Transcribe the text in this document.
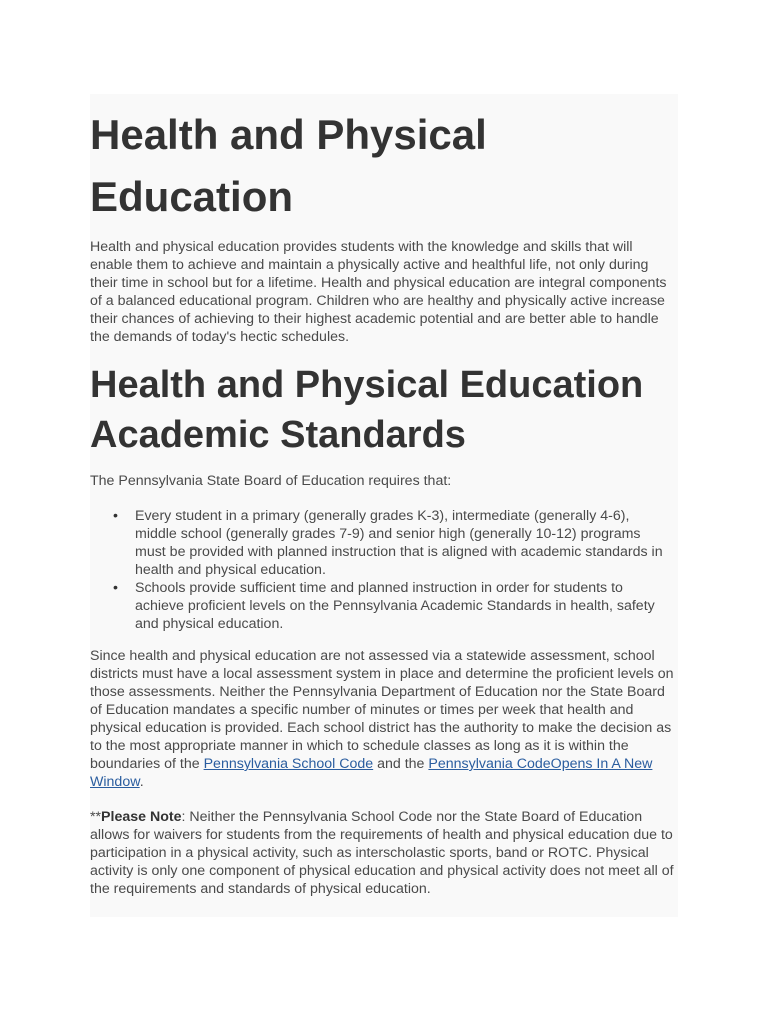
Health and Physical Education

Health and physical education provides students with the knowledge and skills that will enable them to achieve and maintain a physically active and healthful life, not only during their time in school but for a lifetime. Health and physical education are integral components of a balanced educational program. Children who are healthy and physically active increase their chances of achieving to their highest academic potential and are better able to handle the demands of today's hectic schedules.

Health and Physical Education Academic Standards

The Pennsylvania State Board of Education requires that:

• Every student in a primary (generally grades K-3), intermediate (generally 4-6), middle school (generally grades 7-9) and senior high (generally 10-12) programs must be provided with planned instruction that is aligned with academic standards in health and physical education.
• Schools provide sufficient time and planned instruction in order for students to achieve proficient levels on the Pennsylvania Academic Standards in health, safety and physical education.

Since health and physical education are not assessed via a statewide assessment, school districts must have a local assessment system in place and determine the proficient levels on those assessments. Neither the Pennsylvania Department of Education nor the State Board of Education mandates a specific number of minutes or times per week that health and physical education is provided. Each school district has the authority to make the decision as to the most appropriate manner in which to schedule classes as long as it is within the boundaries of the Pennsylvania School Code and the Pennsylvania CodeOpens In A New Window.

**Please Note: Neither the Pennsylvania School Code nor the State Board of Education allows for waivers for students from the requirements of health and physical education due to participation in a physical activity, such as interscholastic sports, band or ROTC. Physical activity is only one component of physical education and physical activity does not meet all of the requirements and standards of physical education.
